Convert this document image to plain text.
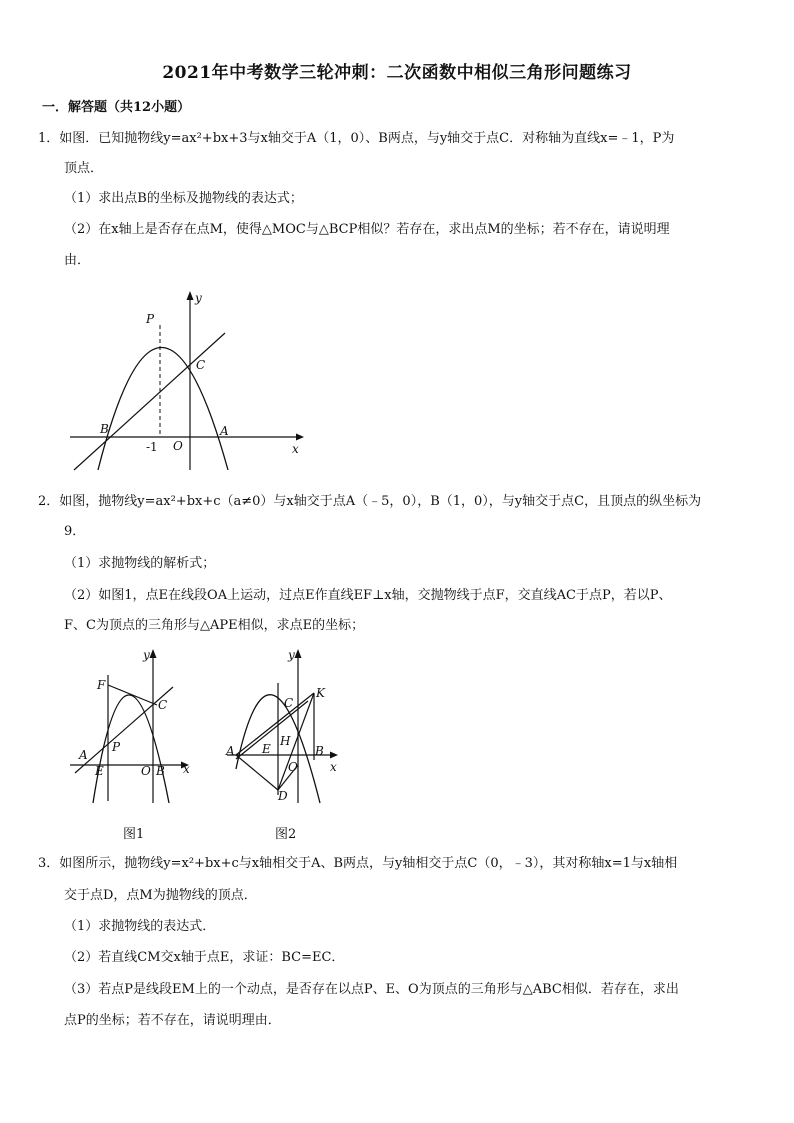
2021年中考数学三轮冲刺：二次函数中相似三角形问题练习
一．解答题（共12小题）
1．如图．已知抛物线y=ax²+bx+3与x轴交于A（1，0）、B两点，与y轴交于点C．对称轴为直线x=﹣1，P为
顶点．
（1）求出点B的坐标及抛物线的表达式；
（2）在x轴上是否存在点M，使得△MOC与△BCP相似？若存在，求出点M的坐标；若不存在，请说明理
由．
y
x
P
C
B	A
O
-1
2．如图，抛物线y=ax²+bx+c（a≠0）与x轴交于点A（﹣5，0），B（1，0），与y轴交于点C，且顶点的纵坐标为
9．
（1）求抛物线的解析式；
（2）如图1，点E在线段OA上运动，过点E作直线EF⊥x轴，交抛物线于点F，交直线AC于点P，若以P、
F、C为顶点的三角形与△APE相似，求点E的坐标；
y
x
F
C
P
A
E	O B
图1
y
x
K
C
H
A E
O
B
D
图2
3．如图所示，抛物线y=x²+bx+c与x轴相交于A、B两点，与y轴相交于点C（0，﹣3），其对称轴x=1与x轴相
交于点D，点M为抛物线的顶点．
（1）求抛物线的表达式．
（2）若直线CM交x轴于点E，求证：BC=EC．
（3）若点P是线段EM上的一个动点，是否存在以点P、E、O为顶点的三角形与△ABC相似．若存在，求出
点P的坐标；若不存在，请说明理由．
